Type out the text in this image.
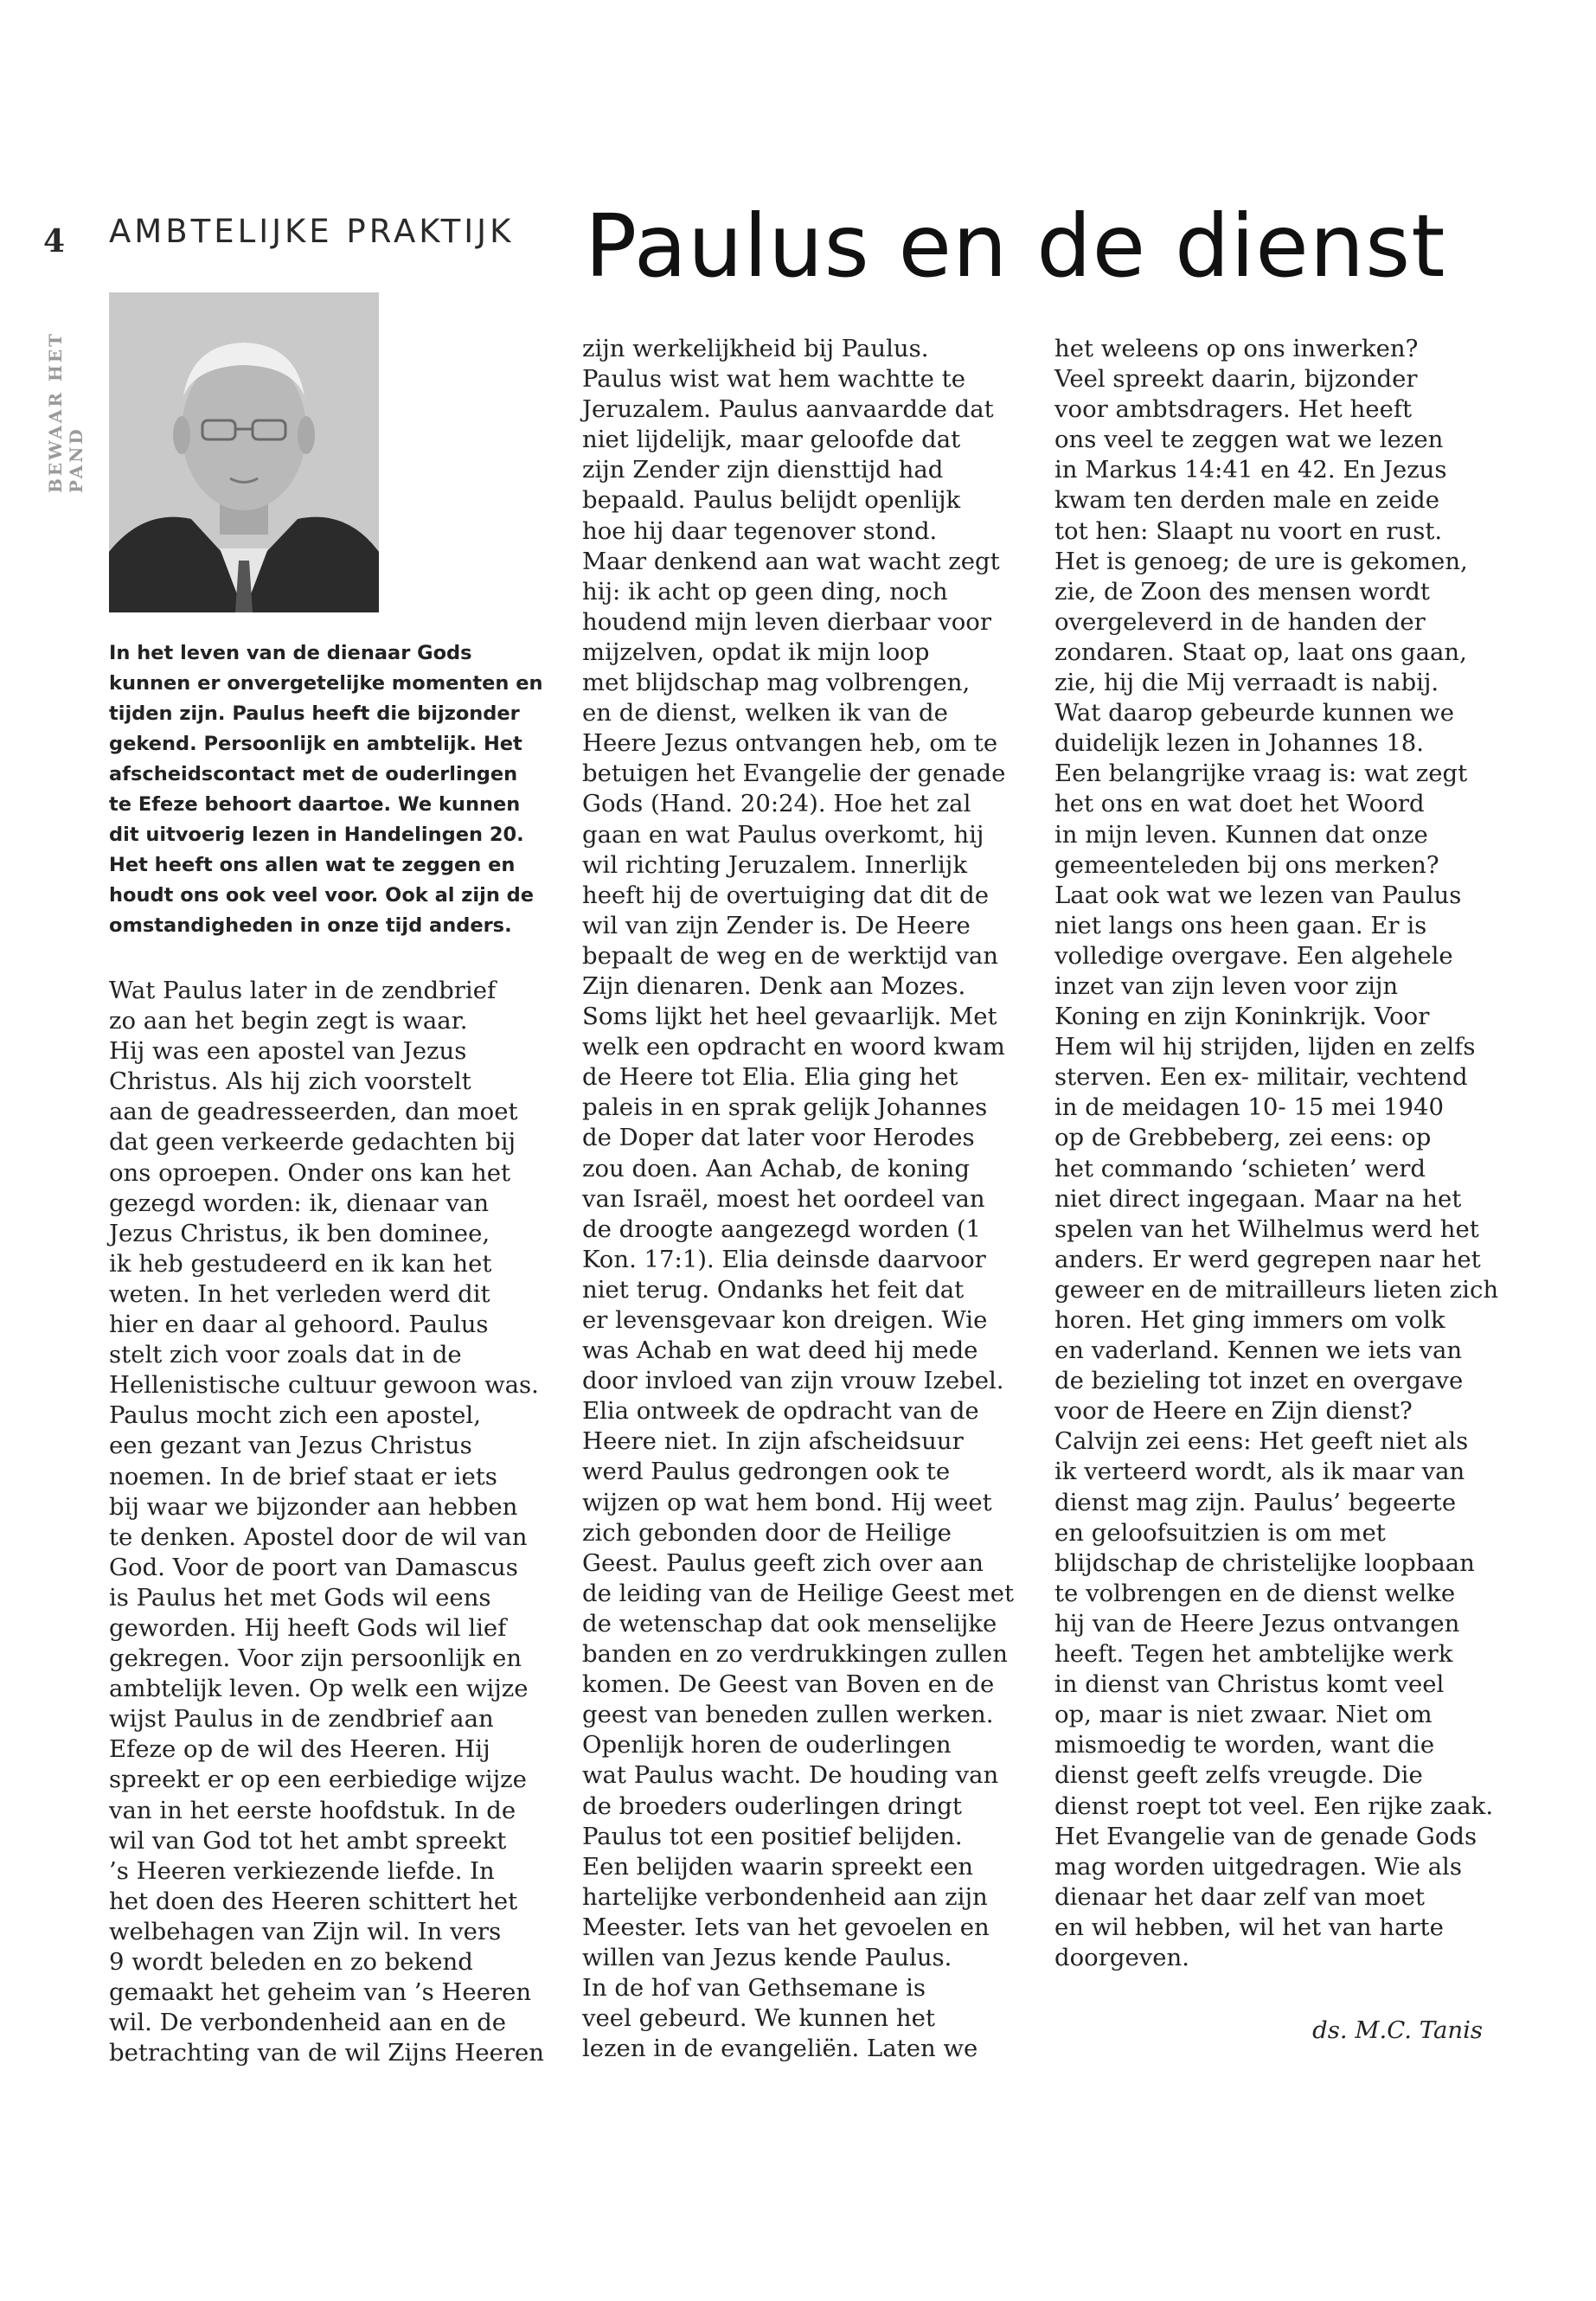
4
BEWAAR HET PAND
AMBTELIJKE PRAKTIJK Paulus en de dienst
In het leven van de dienaar Gods
kunnen er onvergetelijke momenten en
tijden zijn. Paulus heeft die bijzonder
gekend. Persoonlijk en ambtelijk. Het
afscheidscontact met de ouderlingen
te Efeze behoort daartoe. We kunnen
dit uitvoerig lezen in Handelingen 20.
Het heeft ons allen wat te zeggen en
houdt ons ook veel voor. Ook al zijn de
omstandigheden in onze tijd anders.
Wat Paulus later in de zendbrief
zo aan het begin zegt is waar.
Hij was een apostel van Jezus
Christus. Als hij zich voorstelt
aan de geadresseerden, dan moet
dat geen verkeerde gedachten bij
ons oproepen. Onder ons kan het
gezegd worden: ik, dienaar van
Jezus Christus, ik ben dominee,
ik heb gestudeerd en ik kan het
weten. In het verleden werd dit
hier en daar al gehoord. Paulus
stelt zich voor zoals dat in de
Hellenistische cultuur gewoon was.
Paulus mocht zich een apostel,
een gezant van Jezus Christus
noemen. In de brief staat er iets
bij waar we bijzonder aan hebben
te denken. Apostel door de wil van
God. Voor de poort van Damascus
is Paulus het met Gods wil eens
geworden. Hij heeft Gods wil lief
gekregen. Voor zijn persoonlijk en
ambtelijk leven. Op welk een wijze
wijst Paulus in de zendbrief aan
Efeze op de wil des Heeren. Hij
spreekt er op een eerbiedige wijze
van in het eerste hoofdstuk. In de
wil van God tot het ambt spreekt
’s Heeren verkiezende liefde. In
het doen des Heeren schittert het
welbehagen van Zijn wil. In vers
9 wordt beleden en zo bekend
gemaakt het geheim van ’s Heeren
wil. De verbondenheid aan en de
betrachting van de wil Zijns Heeren
zijn werkelijkheid bij Paulus.
Paulus wist wat hem wachtte te
Jeruzalem. Paulus aanvaardde dat
niet lijdelijk, maar geloofde dat
zijn Zender zijn diensttijd had
bepaald. Paulus belijdt openlijk
hoe hij daar tegenover stond.
Maar denkend aan wat wacht zegt
hij: ik acht op geen ding, noch
houdend mijn leven dierbaar voor
mijzelven, opdat ik mijn loop
met blijdschap mag volbrengen,
en de dienst, welken ik van de
Heere Jezus ontvangen heb, om te
betuigen het Evangelie der genade
Gods (Hand. 20:24). Hoe het zal
gaan en wat Paulus overkomt, hij
wil richting Jeruzalem. Innerlijk
heeft hij de overtuiging dat dit de
wil van zijn Zender is. De Heere
bepaalt de weg en de werktijd van
Zijn dienaren. Denk aan Mozes.
Soms lijkt het heel gevaarlijk. Met
welk een opdracht en woord kwam
de Heere tot Elia. Elia ging het
paleis in en sprak gelijk Johannes
de Doper dat later voor Herodes
zou doen. Aan Achab, de koning
van Israël, moest het oordeel van
de droogte aangezegd worden (1
Kon. 17:1). Elia deinsde daarvoor
niet terug. Ondanks het feit dat
er levensgevaar kon dreigen. Wie
was Achab en wat deed hij mede
door invloed van zijn vrouw Izebel.
Elia ontweek de opdracht van de
Heere niet. In zijn afscheidsuur
werd Paulus gedrongen ook te
wijzen op wat hem bond. Hij weet
zich gebonden door de Heilige
Geest. Paulus geeft zich over aan
de leiding van de Heilige Geest met
de wetenschap dat ook menselijke
banden en zo verdrukkingen zullen
komen. De Geest van Boven en de
geest van beneden zullen werken.
Openlijk horen de ouderlingen
wat Paulus wacht. De houding van
de broeders ouderlingen dringt
Paulus tot een positief belijden.
Een belijden waarin spreekt een
hartelijke verbondenheid aan zijn
Meester. Iets van het gevoelen en
willen van Jezus kende Paulus.
In de hof van Gethsemane is
veel gebeurd. We kunnen het
lezen in de evangeliën. Laten we
het weleens op ons inwerken?
Veel spreekt daarin, bijzonder
voor ambtsdragers. Het heeft
ons veel te zeggen wat we lezen
in Markus 14:41 en 42. En Jezus
kwam ten derden male en zeide
tot hen: Slaapt nu voort en rust.
Het is genoeg; de ure is gekomen,
zie, de Zoon des mensen wordt
overgeleverd in de handen der
zondaren. Staat op, laat ons gaan,
zie, hij die Mij verraadt is nabij.
Wat daarop gebeurde kunnen we
duidelijk lezen in Johannes 18.
Een belangrijke vraag is: wat zegt
het ons en wat doet het Woord
in mijn leven. Kunnen dat onze
gemeenteleden bij ons merken?
Laat ook wat we lezen van Paulus
niet langs ons heen gaan. Er is
volledige overgave. Een algehele
inzet van zijn leven voor zijn
Koning en zijn Koninkrijk. Voor
Hem wil hij strijden, lijden en zelfs
sterven. Een ex- militair, vechtend
in de meidagen 10- 15 mei 1940
op de Grebbeberg, zei eens: op
het commando ‘schieten’ werd
niet direct ingegaan. Maar na het
spelen van het Wilhelmus werd het
anders. Er werd gegrepen naar het
geweer en de mitrailleurs lieten zich
horen. Het ging immers om volk
en vaderland. Kennen we iets van
de bezieling tot inzet en overgave
voor de Heere en Zijn dienst?
Calvijn zei eens: Het geeft niet als
ik verteerd wordt, als ik maar van
dienst mag zijn. Paulus’ begeerte
en geloofsuitzien is om met
blijdschap de christelijke loopbaan
te volbrengen en de dienst welke
hij van de Heere Jezus ontvangen
heeft. Tegen het ambtelijke werk
in dienst van Christus komt veel
op, maar is niet zwaar. Niet om
mismoedig te worden, want die
dienst geeft zelfs vreugde. Die
dienst roept tot veel. Een rijke zaak.
Het Evangelie van de genade Gods
mag worden uitgedragen. Wie als
dienaar het daar zelf van moet
en wil hebben, wil het van harte
doorgeven.
ds. M.C. Tanis
